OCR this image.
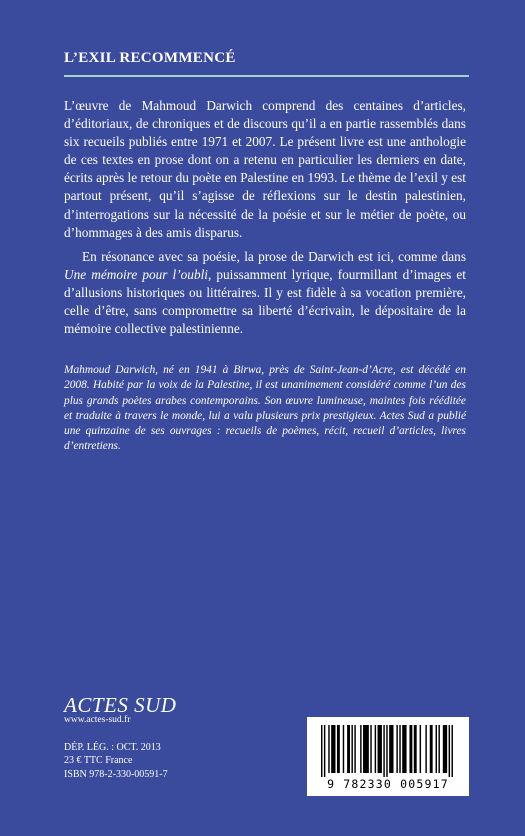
L’EXIL RECOMMENCÉ

L’œuvre de Mahmoud Darwich comprend des centaines d’articles, d’éditoriaux, de chroniques et de discours qu’il a en partie rassemblés dans six recueils publiés entre 1971 et 2007. Le présent livre est une anthologie de ces textes en prose dont on a retenu en particulier les derniers en date, écrits après le retour du poète en Palestine en 1993. Le thème de l’exil y est partout présent, qu’il s’agisse de réflexions sur le destin palestinien, d’interrogations sur la nécessité de la poésie et sur le métier de poète, ou d’hommages à des amis disparus.

En résonance avec sa poésie, la prose de Darwich est ici, comme dans Une mémoire pour l’oubli, puissamment lyrique, fourmillant d’images et d’allusions historiques ou littéraires. Il y est fidèle à sa vocation première, celle d’être, sans compromettre sa liberté d’écrivain, le dépositaire de la mémoire collective palestinienne.

Mahmoud Darwich, né en 1941 à Birwa, près de Saint-Jean-d’Acre, est décédé en 2008. Habité par la voix de la Palestine, il est unanimement considéré comme l’un des plus grands poètes arabes contemporains. Son œuvre lumineuse, maintes fois rééditée et traduite à travers le monde, lui a valu plusieurs prix prestigieux. Actes Sud a publié une quinzaine de ses ouvrages : recueils de poèmes, récit, recueil d’articles, livres d’entretiens.
ACTES SUD
www.actes-sud.fr
DÉP. LÉG. : OCT. 2013
23 € TTC France
ISBN 978-2-330-00591-7
9 782330 005917
